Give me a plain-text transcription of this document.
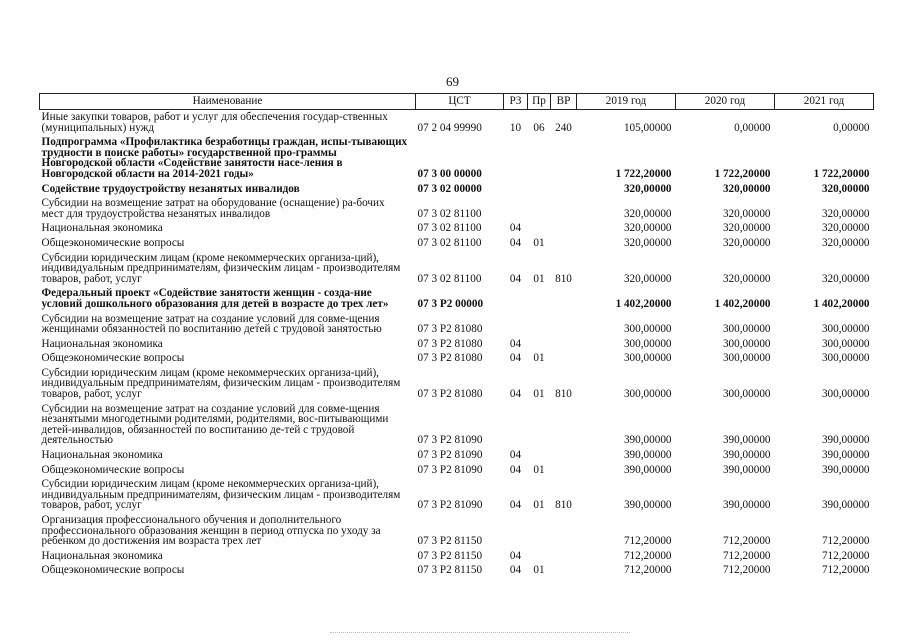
69
Наименование	ЦСТ	РЗ	Пр	ВР	2019 год	2020 год	2021 год
Иные закупки товаров, работ и услуг для обеспечения государ-ственных (муниципальных) нужд	07 2 04 99990	10	06	240	105,00000	0,00000	0,00000
Подпрограмма «Профилактика безработицы граждан, испы-тывающих трудности в поиске работы» государственной про-граммы Новгородской области «Содействие занятости насе-ления в Новгородской области на 2014-2021 годы»	07 3 00 00000				1 722,20000	1 722,20000	1 722,20000
Содействие трудоустройству незанятых инвалидов	07 3 02 00000				320,00000	320,00000	320,00000
Субсидии на возмещение затрат на оборудование (оснащение) ра-бочих мест для трудоустройства незанятых инвалидов	07 3 02 81100				320,00000	320,00000	320,00000
Национальная экономика	07 3 02 81100	04			320,00000	320,00000	320,00000
Общеэкономические вопросы	07 3 02 81100	04	01		320,00000	320,00000	320,00000
Субсидии юридическим лицам (кроме некоммерческих организа-ций), индивидуальным предпринимателям, физическим лицам - производителям товаров, работ, услуг	07 3 02 81100	04	01	810	320,00000	320,00000	320,00000
Федеральный проект «Содействие занятости женщин - созда-ние условий дошкольного образования для детей в возрасте до трех лет»	07 3 P2 00000				1 402,20000	1 402,20000	1 402,20000
Субсидии на возмещение затрат на создание условий для совме-щения женщинами обязанностей по воспитанию детей с трудовой занятостью	07 3 P2 81080				300,00000	300,00000	300,00000
Национальная экономика	07 3 P2 81080	04			300,00000	300,00000	300,00000
Общеэкономические вопросы	07 3 P2 81080	04	01		300,00000	300,00000	300,00000
Субсидии юридическим лицам (кроме некоммерческих организа-ций), индивидуальным предпринимателям, физическим лицам - производителям товаров, работ, услуг	07 3 P2 81080	04	01	810	300,00000	300,00000	300,00000
Субсидии на возмещение затрат на создание условий для совме-щения незанятыми многодетными родителями, родителями, вос-питывающими детей-инвалидов, обязанностей по воспитанию де-тей с трудовой деятельностью	07 3 P2 81090				390,00000	390,00000	390,00000
Национальная экономика	07 3 P2 81090	04			390,00000	390,00000	390,00000
Общеэкономические вопросы	07 3 P2 81090	04	01		390,00000	390,00000	390,00000
Субсидии юридическим лицам (кроме некоммерческих организа-ций), индивидуальным предпринимателям, физическим лицам - производителям товаров, работ, услуг	07 3 P2 81090	04	01	810	390,00000	390,00000	390,00000
Организация профессионального обучения и дополнительного профессионального образования женщин в период отпуска по уходу за ребенком до достижения им возраста трех лет	07 3 P2 81150				712,20000	712,20000	712,20000
Национальная экономика	07 3 P2 81150	04			712,20000	712,20000	712,20000
Общеэкономические вопросы	07 3 P2 81150	04	01		712,20000	712,20000	712,20000
